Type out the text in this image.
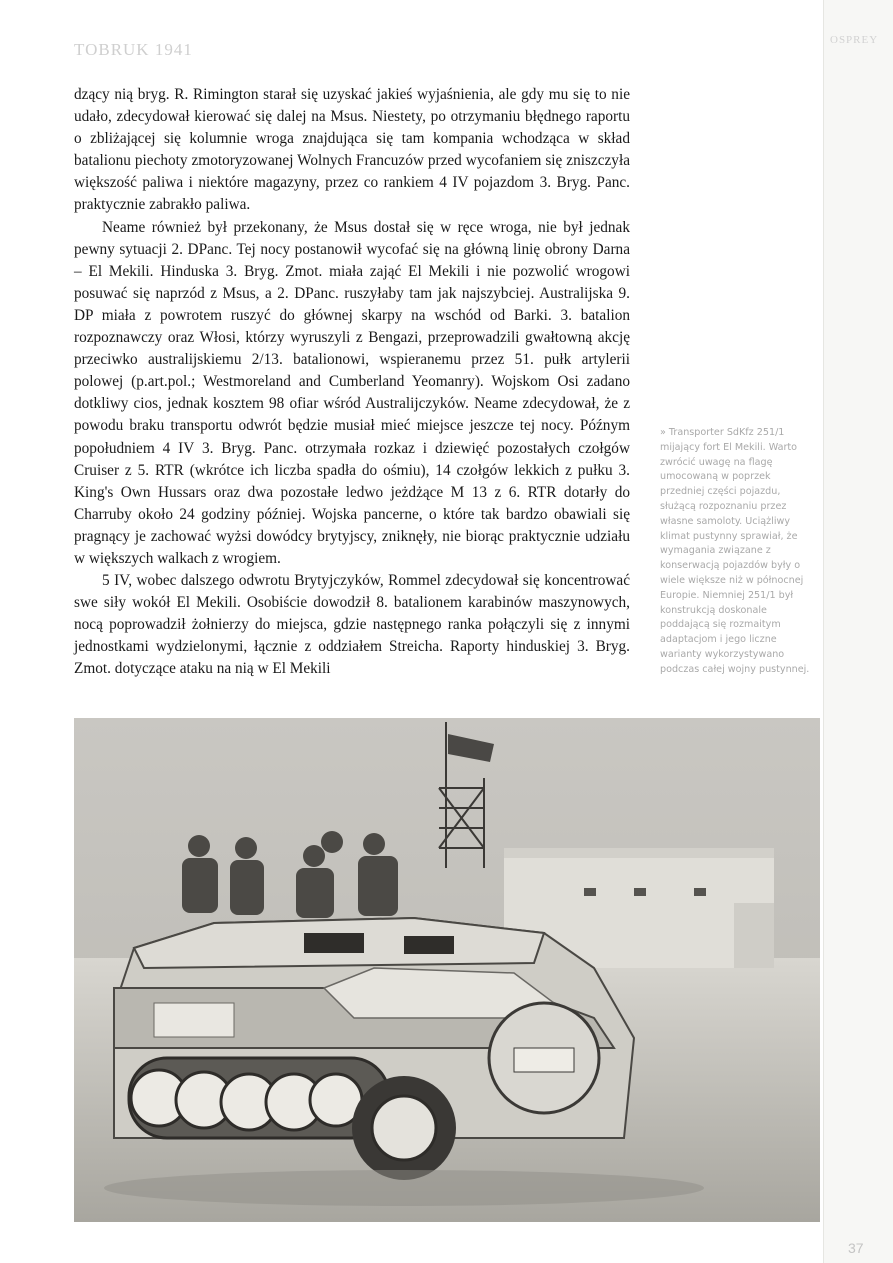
TOBRUK 1941	OSPREY

dzący nią bryg. R. Rimington starał się uzyskać jakieś wyjaśnienia, ale gdy mu się to nie udało, zdecydował kierować się dalej na Msus. Niestety, po otrzymaniu błędnego raportu o zbliżającej się kolumnie wroga znajdująca się tam kompania wchodząca w skład batalionu piechoty zmotoryzowanej Wolnych Francuzów przed wycofaniem się zniszczyła większość paliwa i niektóre magazyny, przez co rankiem 4 IV pojazdom 3. Bryg. Panc. praktycznie zabrakło paliwa.

Neame również był przekonany, że Msus dostał się w ręce wroga, nie był jednak pewny sytuacji 2. DPanc. Tej nocy postanowił wycofać się na główną linię obrony Darna – El Mekili. Hinduska 3. Bryg. Zmot. miała zająć El Mekili i nie pozwolić wrogowi posuwać się naprzód z Msus, a 2. DPanc. ruszyłaby tam jak najszybciej. Australijska 9. DP miała z powrotem ruszyć do głównej skarpy na wschód od Barki. 3. batalion rozpoznawczy oraz Włosi, którzy wyruszyli z Bengazi, przeprowadzili gwałtowną akcję przeciwko australijskiemu 2/13. batalionowi, wspieranemu przez 51. pułk artylerii polowej (p.art.pol.; Westmoreland and Cumberland Yeomanry). Wojskom Osi zadano dotkliwy cios, jednak kosztem 98 ofiar wśród Australijczyków. Neame zdecydował, że z powodu braku transportu odwrót będzie musiał mieć miejsce jeszcze tej nocy. Późnym popołudniem 4 IV 3. Bryg. Panc. otrzymała rozkaz i dziewięć pozostałych czołgów Cruiser z 5. RTR (wkrótce ich liczba spadła do ośmiu), 14 czołgów lekkich z pułku 3. King's Own Hussars oraz dwa pozostałe ledwo jeżdżące M 13 z 6. RTR dotarły do Charruby około 24 godziny później. Wojska pancerne, o które tak bardzo obawiali się pragnący je zachować wyżsi dowódcy brytyjscy, zniknęły, nie biorąc praktycznie udziału w większych walkach z wrogiem.

5 IV, wobec dalszego odwrotu Brytyjczyków, Rommel zdecydował się koncentrować swe siły wokół El Mekili. Osobiście dowodził 8. batalionem karabinów maszynowych, nocą poprowadził żołnierzy do miejsca, gdzie następnego ranka połączyli się z innymi jednostkami wydzielonymi, łącznie z oddziałem Streicha. Raporty hinduskiej 3. Bryg. Zmot. dotyczące ataku na nią w El Mekili

» Transporter SdKfz 251/1 mijający fort El Mekili. Warto zwrócić uwagę na flagę umocowaną w poprzek przedniej części pojazdu, służącą rozpoznaniu przez własne samoloty. Uciążliwy klimat pustynny sprawiał, że wymagania związane z konserwacją pojazdów były o wiele większe niż w północnej Europie. Niemniej 251/1 był konstrukcją doskonale poddającą się rozmaitym adaptacjom i jego liczne warianty wykorzystywano podczas całej wojny pustynnej.
37
